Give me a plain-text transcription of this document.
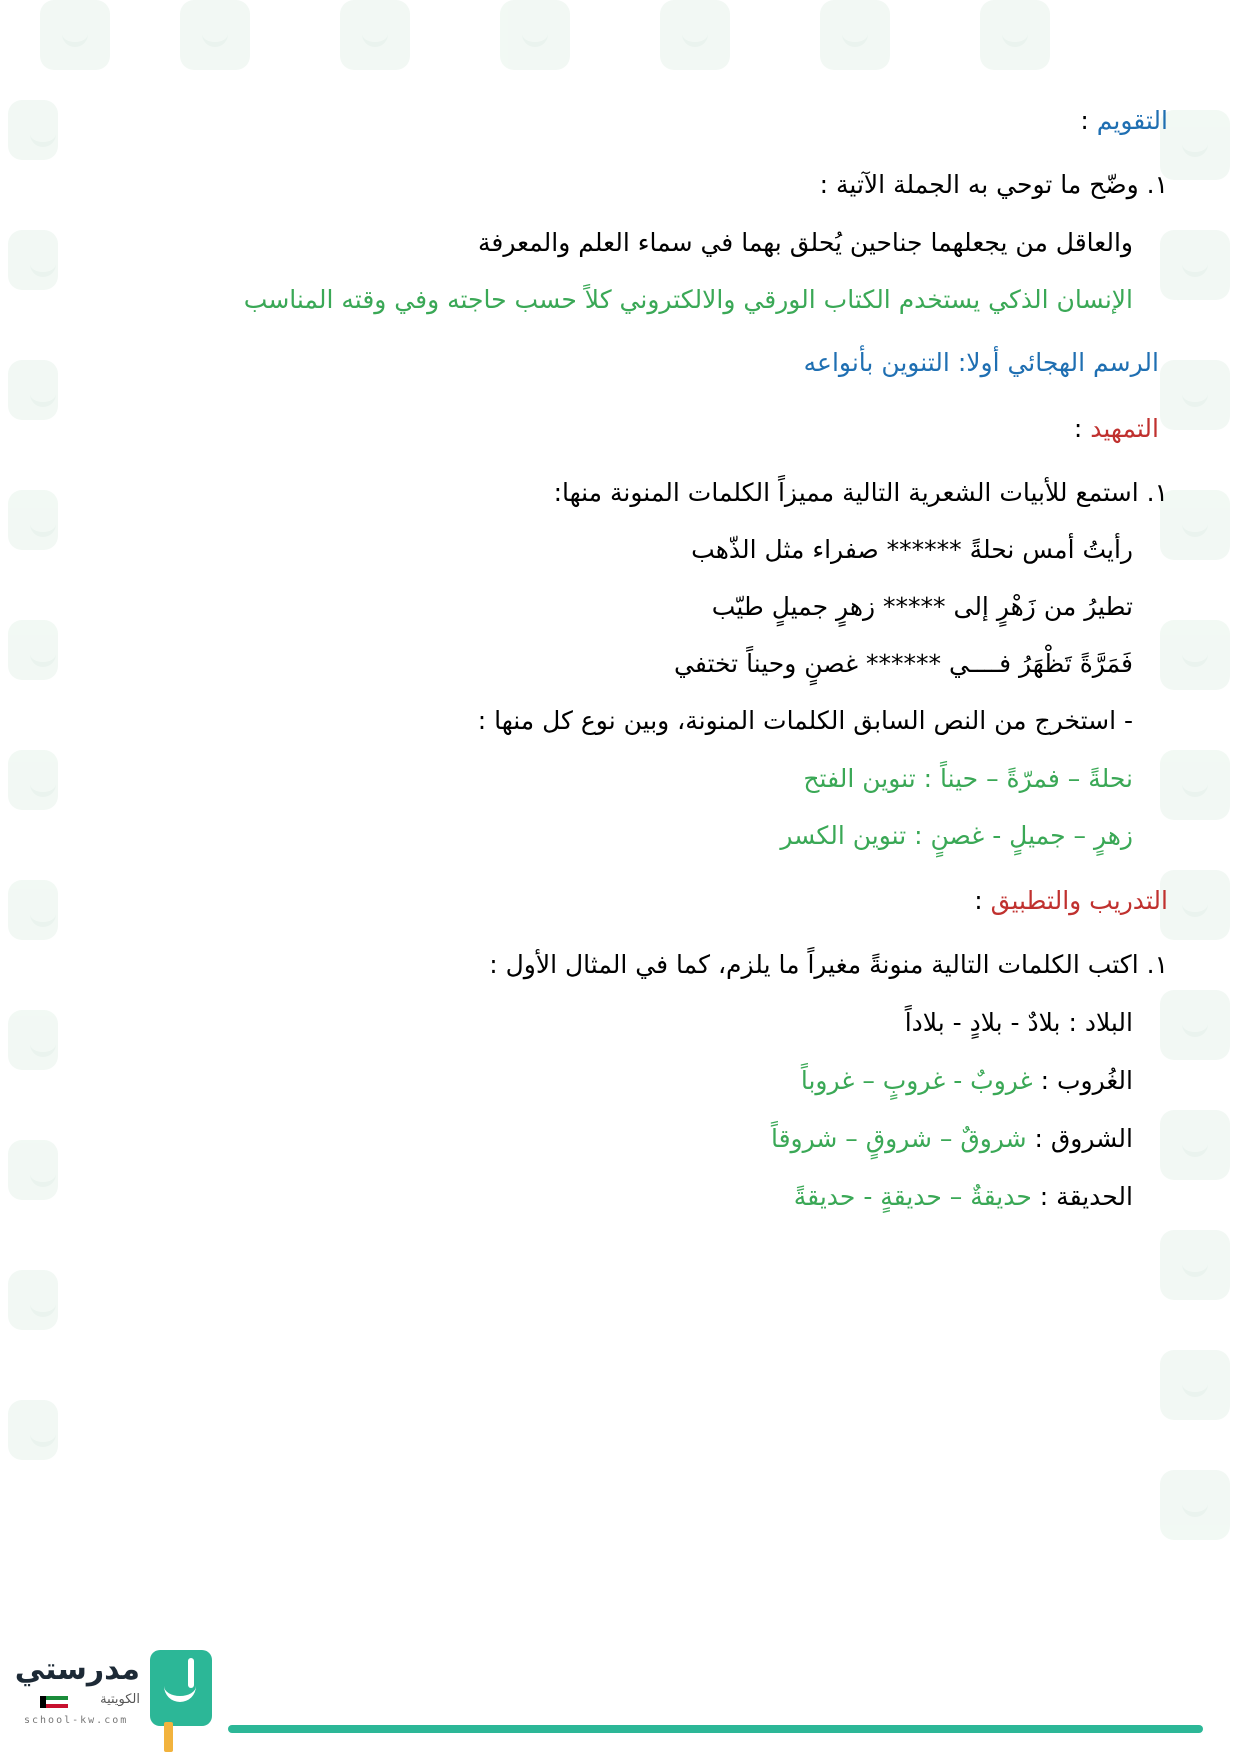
التقويم :
١. وضّح ما توحي به الجملة الآتية :
والعاقل من يجعلهما جناحين يُحلق بهما في سماء العلم والمعرفة
الإنسان الذكي يستخدم الكتاب الورقي والالكتروني كلاً حسب حاجته وفي وقته المناسب
الرسم الهجائي أولا: التنوين بأنواعه
التمهيد :
١. استمع للأبيات الشعرية التالية مميزاً الكلمات المنونة منها:
رأيتُ أمس نحلةً ****** صفراء مثل الذّهب
تطيرُ من زَهْرٍ إلى ***** زهرٍ جميلٍ طيّب
فَمَرَّةً تَظْهَرُ فــــي ****** غصنٍ وحيناً تختفي
- استخرج من النص السابق الكلمات المنونة، وبين نوع كل منها :
نحلةً – فمرّةً – حيناً : تنوين الفتح
زهرٍ – جميلٍ - غصنٍ : تنوين الكسر
التدريب والتطبيق :
١. اكتب الكلمات التالية منونةً مغيراً ما يلزم، كما في المثال الأول :
البلاد : بلادٌ - بلادٍ - بلاداً
الغُروب : غروبٌ - غروبٍ – غروباً
الشروق : شروقٌ – شروقٍ – شروقاً
الحديقة : حديقةٌ – حديقةٍ - حديقةً
مدرستي
الكويتية
school-kw.com
